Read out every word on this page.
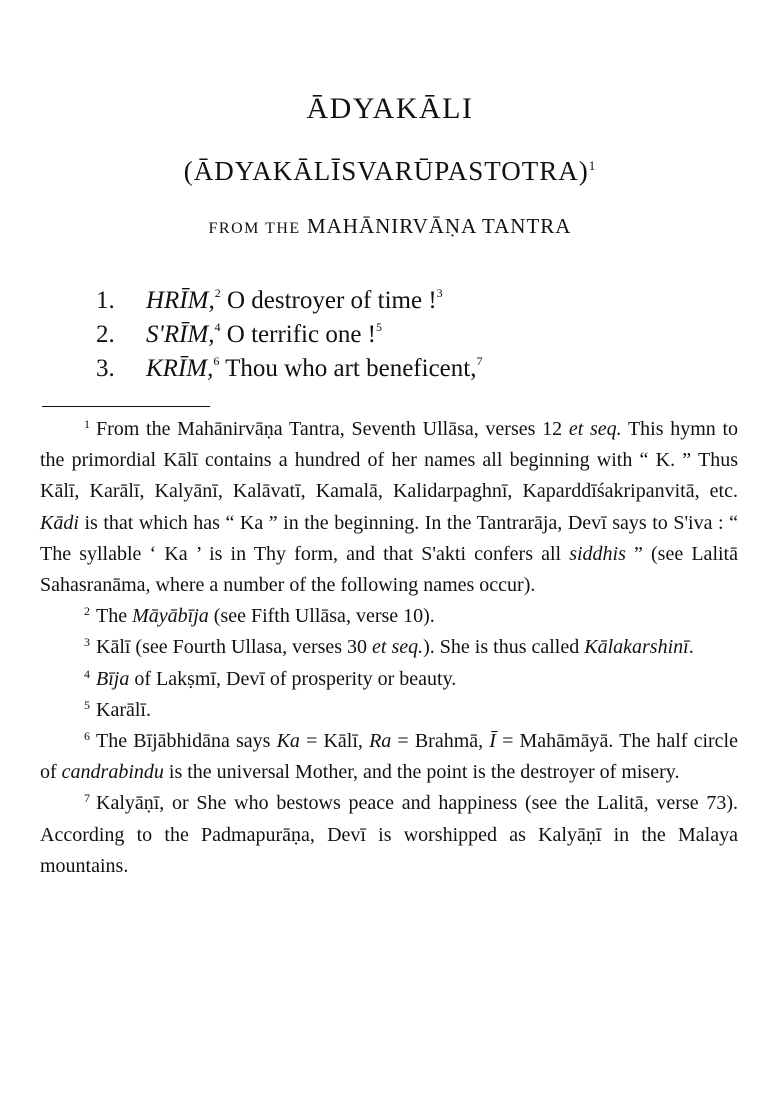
ĀDYAKĀLI
(ĀDYAKĀLĪSVARŪPASTOTRA)$^1$
FROM THE MAHĀNIRVĀṆA TANTRA
1. HRĪM,$^2$ O destroyer of time !$^3$
2. S'RĪM,$^4$ O terrific one !$^5$
3. KRĪM,$^6$ Thou who art beneficent,$^7$

$^1$ From the Mahānirvāṇa Tantra, Seventh Ullāsa, verses 12 et seq. This hymn to the primordial Kālī contains a hundred of her names all beginning with “ K. ” Thus Kālī, Karālī, Kalyānī, Kalāvatī, Kamalā, Kalidarpaghnī, Kaparddīśakripanvitā, etc. Kādi is that which has “ Ka ” in the beginning. In the Tantrarāja, Devī says to S'iva : “ The syllable ‘ Ka ’ is in Thy form, and that S'akti confers all siddhis ” (see Lalitā Sahasranāma, where a number of the following names occur).

$^2$ The Māyābīja (see Fifth Ullāsa, verse 10).

$^3$ Kālī (see Fourth Ullasa, verses 30 et seq.). She is thus called Kālakarshinī.

$^4$ Bīja of Lakṣmī, Devī of prosperity or beauty.

$^5$ Karālī.

$^6$ The Bījābhidāna says Ka = Kālī, Ra = Brahmā, Ī = Mahāmāyā. The half circle of candrabindu is the universal Mother, and the point is the destroyer of misery.

$^7$ Kalyāṇī, or She who bestows peace and happiness (see the Lalitā, verse 73). According to the Padmapurāṇa, Devī is worshipped as Kalyāṇī in the Malaya mountains.
